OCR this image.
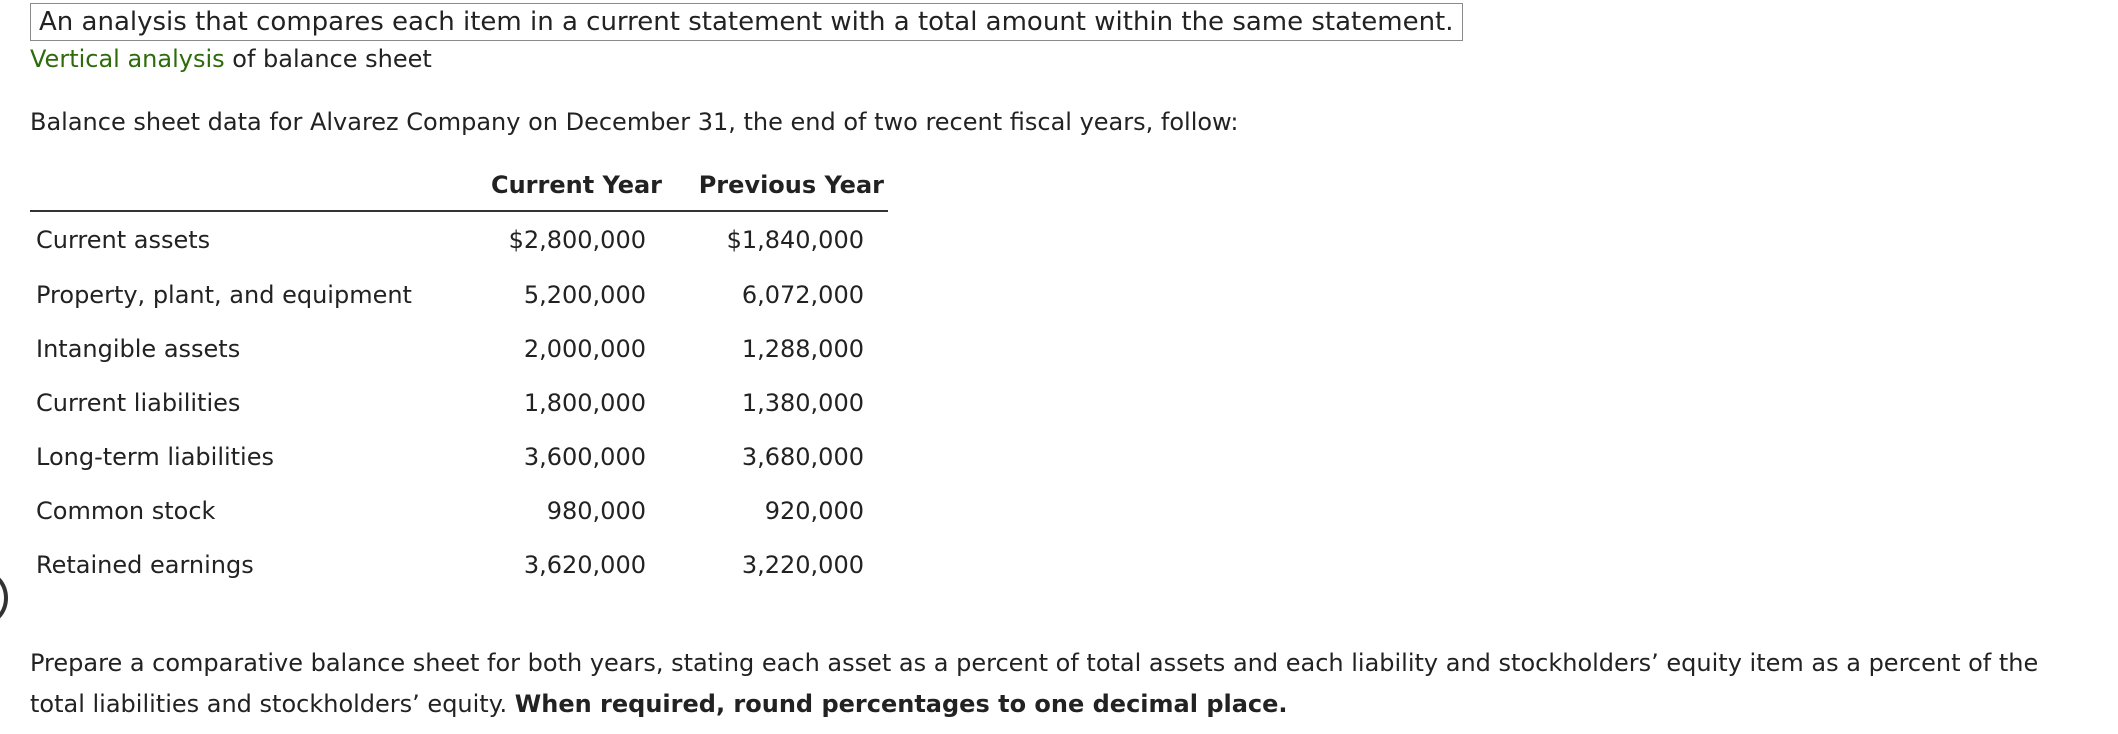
An analysis that compares each item in a current statement with a total amount within the same statement.
Vertical analysis of balance sheet
Balance sheet data for Alvarez Company on December 31, the end of two recent fiscal years, follow:
	Current Year	Previous Year
Current assets	$2,800,000	$1,840,000
Property, plant, and equipment	5,200,000	6,072,000
Intangible assets	2,000,000	1,288,000
Current liabilities	1,800,000	1,380,000
Long-term liabilities	3,600,000	3,680,000
Common stock	980,000	920,000
Retained earnings	3,620,000	3,220,000
Prepare a comparative balance sheet for both years, stating each asset as a percent of total assets and each liability and stockholders’ equity item as a percent of the total liabilities and stockholders’ equity. When required, round percentages to one decimal place.
